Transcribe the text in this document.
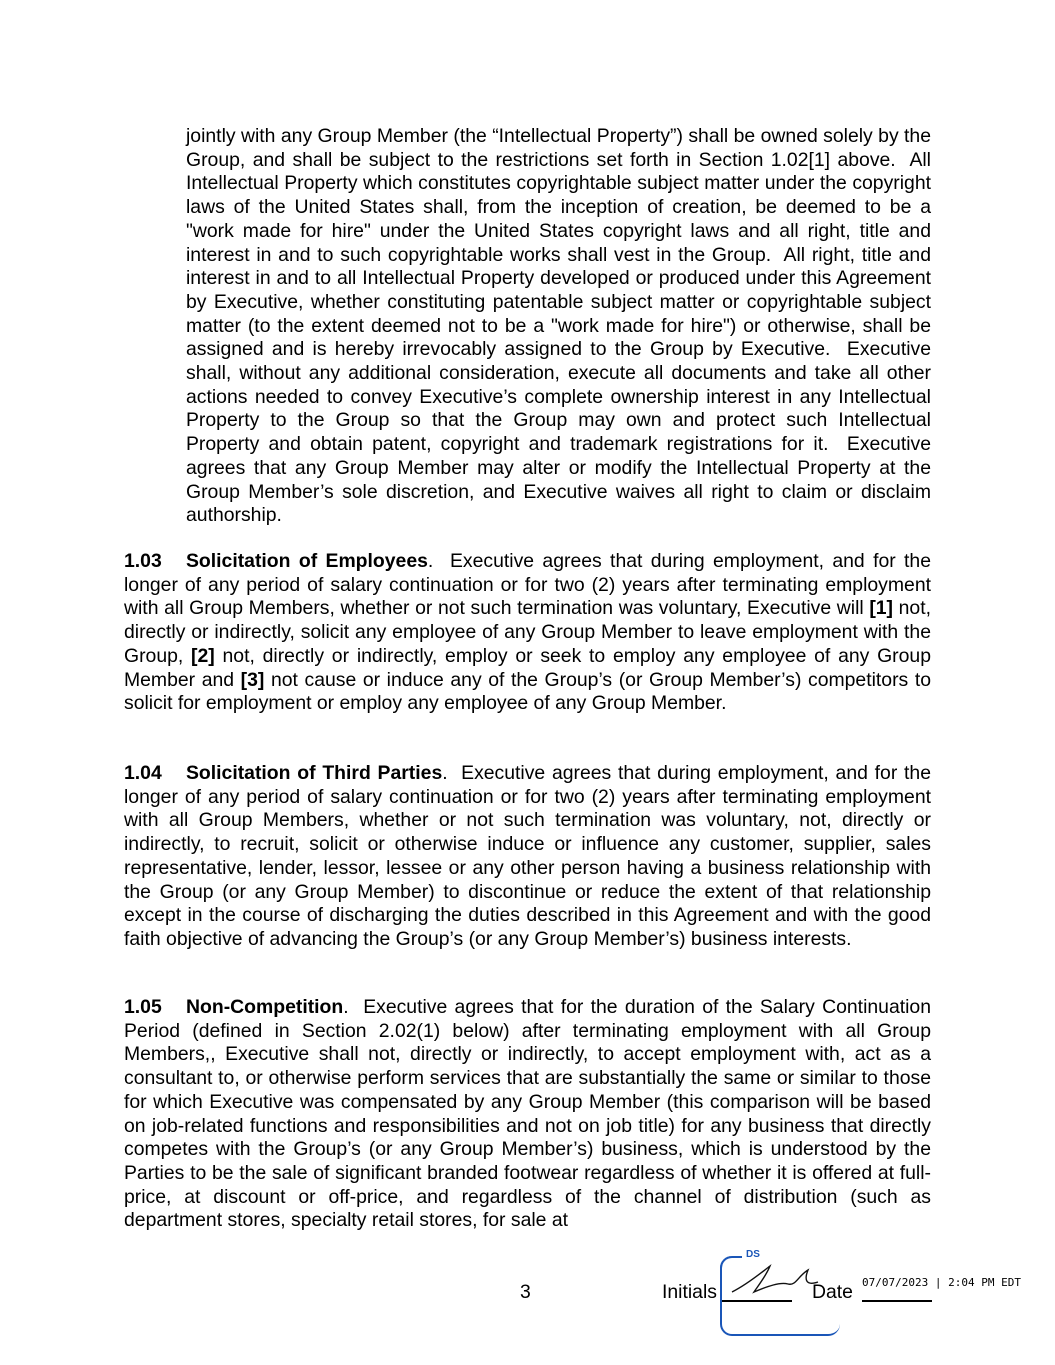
jointly with any Group Member (the “Intellectual Property”) shall be owned solely by the Group, and shall be subject to the restrictions set forth in Section 1.02[1] above.  All Intellectual Property which constitutes copyrightable subject matter under the copyright laws of the United States shall, from the inception of creation, be deemed to be a "work made for hire" under the United States copyright laws and all right, title and interest in and to such copyrightable works shall vest in the Group.  All right, title and interest in and to all Intellectual Property developed or produced under this Agreement by Executive, whether constituting patentable subject matter or copyrightable subject matter (to the extent deemed not to be a "work made for hire") or otherwise, shall be assigned and is hereby irrevocably assigned to the Group by Executive.  Executive shall, without any additional consideration, execute all documents and take all other actions needed to convey Executive’s complete ownership interest in any Intellectual Property to the Group so that the Group may own and protect such Intellectual Property and obtain patent, copyright and trademark registrations for it.  Executive agrees that any Group Member may alter or modify the Intellectual Property at the Group Member’s sole discretion, and Executive waives all right to claim or disclaim authorship.
1.03 Solicitation of Employees.  Executive agrees that during employment, and for the longer of any period of salary continuation or for two (2) years after terminating employment with all Group Members, whether or not such termination was voluntary, Executive will [1] not, directly or indirectly, solicit any employee of any Group Member to leave employment with the Group, [2] not, directly or indirectly, employ or seek to employ any employee of any Group Member and [3] not cause or induce any of the Group’s (or Group Member’s) competitors to solicit for employment or employ any employee of any Group Member.
1.04 Solicitation of Third Parties.  Executive agrees that during employment, and for the longer of any period of salary continuation or for two (2) years after terminating employment with all Group Members, whether or not such termination was voluntary, not, directly or indirectly, to recruit, solicit or otherwise induce or influence any customer, supplier, sales representative, lender, lessor, lessee or any other person having a business relationship with the Group (or any Group Member) to discontinue or reduce the extent of that relationship except in the course of discharging the duties described in this Agreement and with the good faith objective of advancing the Group’s (or any Group Member’s) business interests.
1.05 Non-Competition.  Executive agrees that for the duration of the Salary Continuation Period (defined in Section 2.02(1) below) after terminating employment with all Group Members,, Executive shall not, directly or indirectly, to accept employment with, act as a consultant to, or otherwise perform services that are substantially the same or similar to those for which Executive was compensated by any Group Member (this comparison will be based on job-related functions and responsibilities and not on job title) for any business that directly competes with the Group’s (or any Group Member’s) business, which is understood by the Parties to be the sale of significant branded footwear regardless of whether it is offered at full-price, at discount or off-price, and regardless of the channel of distribution (such as department stores, specialty retail stores, for sale at
3	Initials
DS
Date 07/07/2023 | 2:04 PM EDT
